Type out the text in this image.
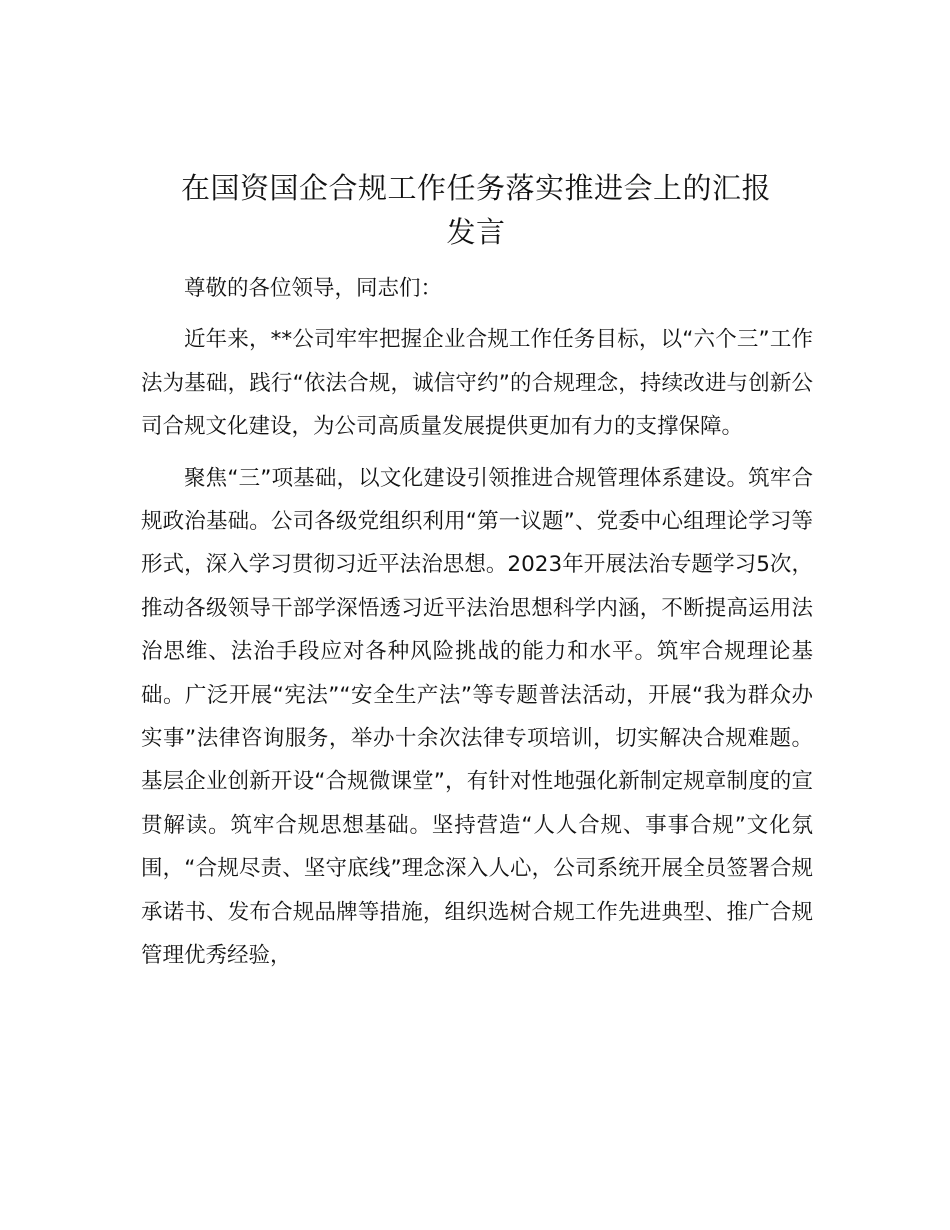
在国资国企合规工作任务落实推进会上的汇报
发言

尊敬的各位领导，同志们：

近年来，**公司牢牢把握企业合规工作任务目标，以“六个三”工作法为基础，践行“依法合规，诚信守约”的合规理念，持续改进与创新公司合规文化建设，为公司高质量发展提供更加有力的支撑保障。

聚焦“三”项基础，以文化建设引领推进合规管理体系建设。筑牢合规政治基础。公司各级党组织利用“第一议题”、党委中心组理论学习等形式，深入学习贯彻习近平法治思想。2023年开展法治专题学习5次，推动各级领导干部学深悟透习近平法治思想科学内涵，不断提高运用法治思维、法治手段应对各种风险挑战的能力和水平。筑牢合规理论基础。广泛开展“宪法”“安全生产法”等专题普法活动，开展“我为群众办实事”法律咨询服务，举办十余次法律专项培训，切实解决合规难题。基层企业创新开设“合规微课堂”，有针对性地强化新制定规章制度的宣贯解读。筑牢合规思想基础。坚持营造“人人合规、事事合规”文化氛围，“合规尽责、坚守底线”理念深入人心，公司系统开展全员签署合规承诺书、发布合规品牌等措施，组织选树合规工作先进典型、推广合规管理优秀经验，
